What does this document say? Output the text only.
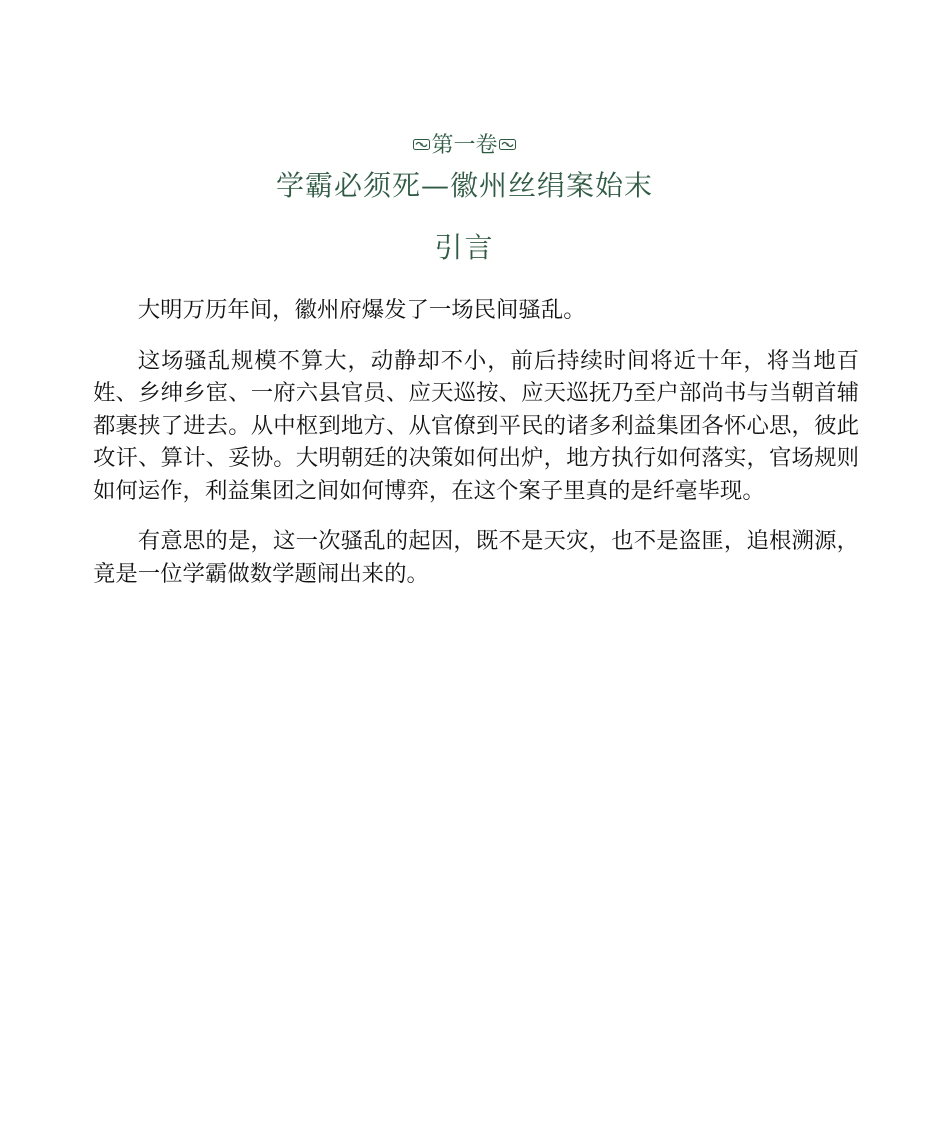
第一卷
学霸必须死—徽州丝绢案始末
引言

大明万历年间，徽州府爆发了一场民间骚乱。

这场骚乱规模不算大，动静却不小，前后持续时间将近十年，将当地百姓、乡绅乡宦、一府六县官员、应天巡按、应天巡抚乃至户部尚书与当朝首辅都裹挟了进去。从中枢到地方、从官僚到平民的诸多利益集团各怀心思，彼此攻讦、算计、妥协。大明朝廷的决策如何出炉，地方执行如何落实，官场规则如何运作，利益集团之间如何博弈，在这个案子里真的是纤毫毕现。

有意思的是，这一次骚乱的起因，既不是天灾，也不是盗匪，追根溯源，竟是一位学霸做数学题闹出来的。
